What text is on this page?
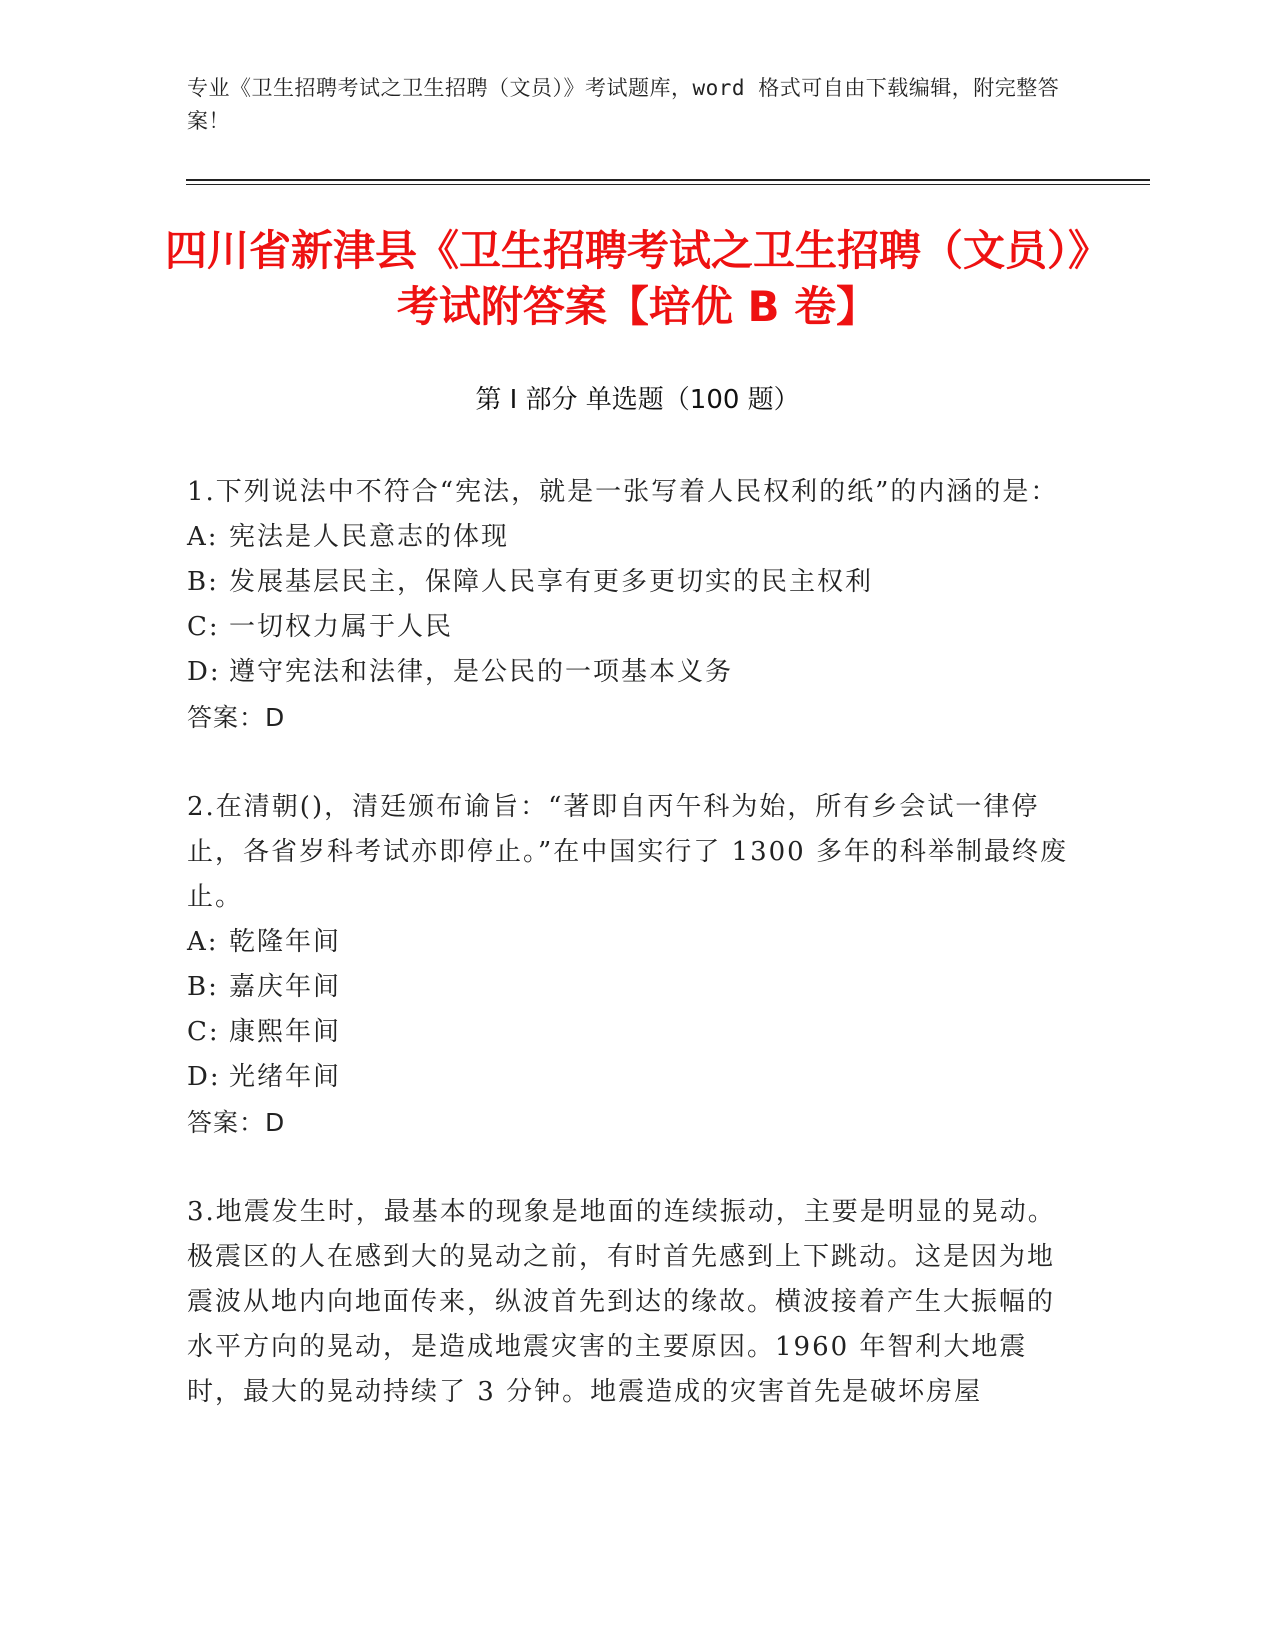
专业《卫生招聘考试之卫生招聘（文员）》考试题库，word 格式可自由下载编辑，附完整答案！
四川省新津县《卫生招聘考试之卫生招聘（文员）》考试附答案【培优 B 卷】
第 I 部分 单选题（100 题）

1.下列说法中不符合“宪法，就是一张写着人民权利的纸”的内涵的是：

A: 宪法是人民意志的体现

B: 发展基层民主，保障人民享有更多更切实的民主权利

C: 一切权力属于人民

D: 遵守宪法和法律，是公民的一项基本义务

答案：D

2.在清朝()，清廷颁布谕旨：“著即自丙午科为始，所有乡会试一律停止，各省岁科考试亦即停止。”在中国实行了 1300 多年的科举制最终废止。

A: 乾隆年间

B: 嘉庆年间

C: 康熙年间

D: 光绪年间

答案：D

3.地震发生时，最基本的现象是地面的连续振动，主要是明显的晃动。极震区的人在感到大的晃动之前，有时首先感到上下跳动。这是因为地震波从地内向地面传来，纵波首先到达的缘故。横波接着产生大振幅的水平方向的晃动，是造成地震灾害的主要原因。1960 年智利大地震时，最大的晃动持续了 3 分钟。地震造成的灾害首先是破坏房屋
